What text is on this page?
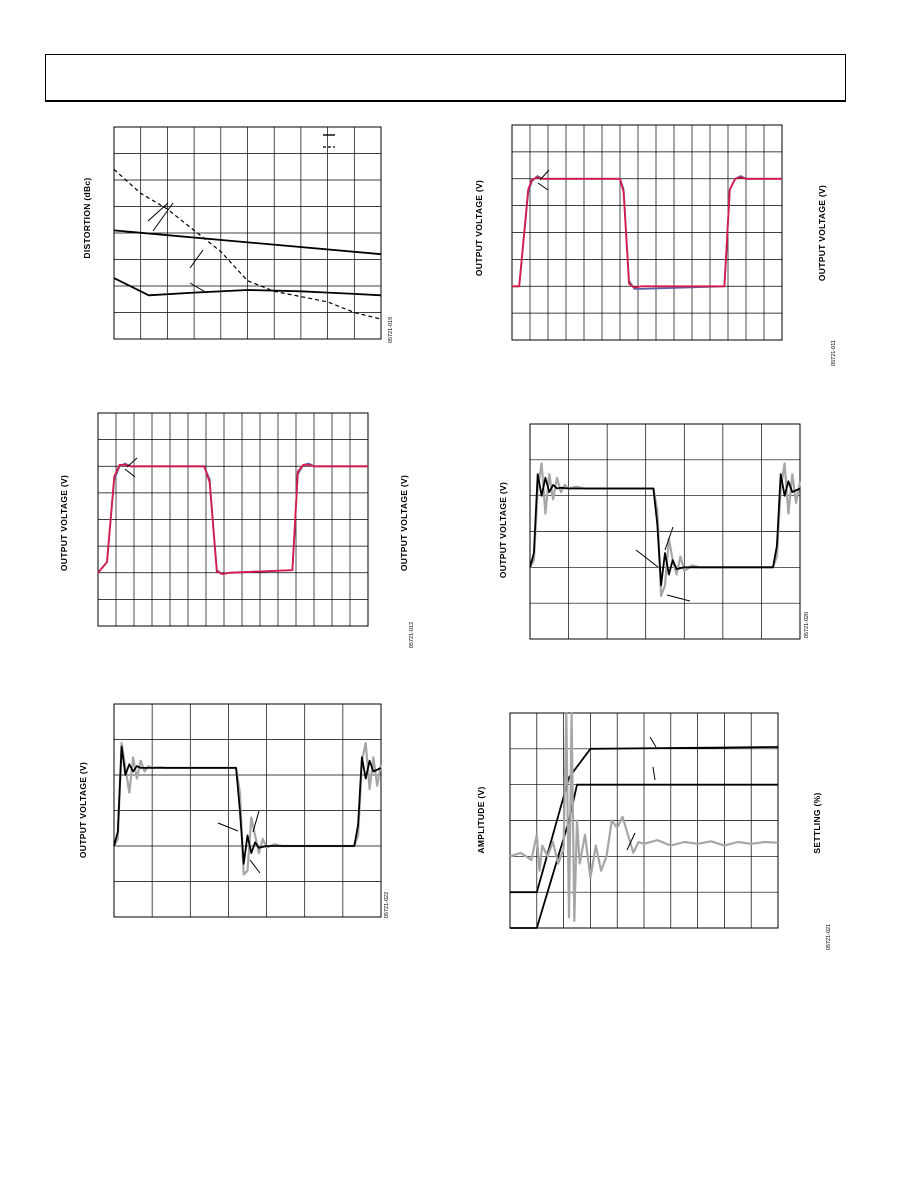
DISTORTION (dBc)
05721-019
OUTPUT VOLTAGE (V)	OUTPUT VOLTAGE (V)
05721-011
OUTPUT VOLTAGE (V)	OUTPUT VOLTAGE (V)
05721-012
OUTPUT VOLTAGE (V)
05721-020
OUTPUT VOLTAGE (V)
05721-022
AMPLITUDE (V)	SETTLING (%)
05721-021
